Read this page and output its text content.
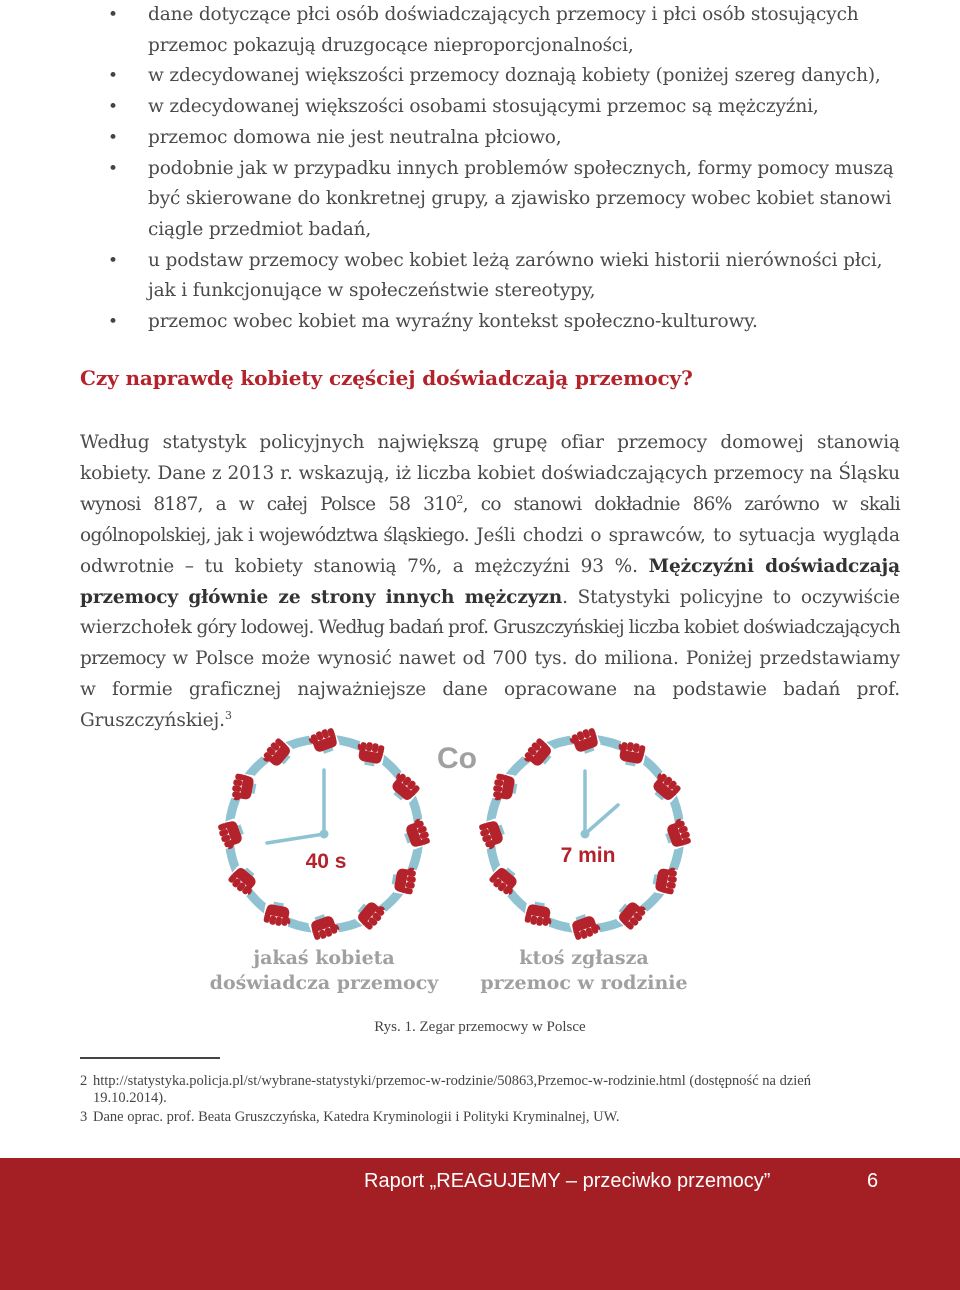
• dane dotyczące płci osób doświadczających przemocy i płci osób stosujących przemoc pokazują druzgocące nieproporcjonalności,
• w zdecydowanej większości przemocy doznają kobiety (poniżej szereg danych),
• w zdecydowanej większości osobami stosującymi przemoc są mężczyźni,
• przemoc domowa nie jest neutralna płciowo,
• podobnie jak w przypadku innych problemów społecznych, formy pomocy muszą być skierowane do konkretnej grupy, a zjawisko przemocy wobec kobiet stanowi ciągle przedmiot badań,
• u podstaw przemocy wobec kobiet leżą zarówno wieki historii nierówności płci, jak i funkcjonujące w społeczeństwie stereotypy,
• przemoc wobec kobiet ma wyraźny kontekst społeczno-kulturowy.
Czy naprawdę kobiety częściej doświadczają przemocy?

Według statystyk policyjnych największą grupę ofiar przemocy domowej stanowią kobiety. Dane z 2013 r. wskazują, iż liczba kobiet doświadczających przemocy na Śląsku wynosi 8187, a w całej Polsce 58 $310^2$, co stanowi dokładnie 86% zarówno w skali ogólnopolskiej, jak i województwa śląskiego. Jeśli chodzi o sprawców, to sytuacja wygląda odwrotnie – tu kobiety stanowią 7%, a mężczyźni 93 %. Mężczyźni doświadczają przemocy głównie ze strony innych mężczyzn. Statystyki policyjne to oczywiście wierzchołek góry lodowej. Według badań prof. Gruszczyńskiej liczba kobiet doświadczających przemocy w Polsce może wynosić nawet od 700 tys. do miliona. Poniżej przedstawiamy w formie graficznej najważniejsze dane opracowane na podstawie badań prof. Gruszczyńskiej.$^3$

Co
40 s
jakaś kobieta
doświadcza przemocy
7 min
ktoś zgłasza
przemoc w rodzinie
Rys. 1. Zegar przemocwy w Polsce
2 http://statystyka.policja.pl/st/wybrane-statystyki/przemoc-w-rodzinie/50863,Przemoc-w-rodzinie.html (dostępność na dzień 19.10.2014).
3 Dane oprac. prof. Beata Gruszczyńska, Katedra Kryminologii i Polityki Kryminalnej, UW.
Raport „REAGUJEMY – przeciwko przemocy”	6
